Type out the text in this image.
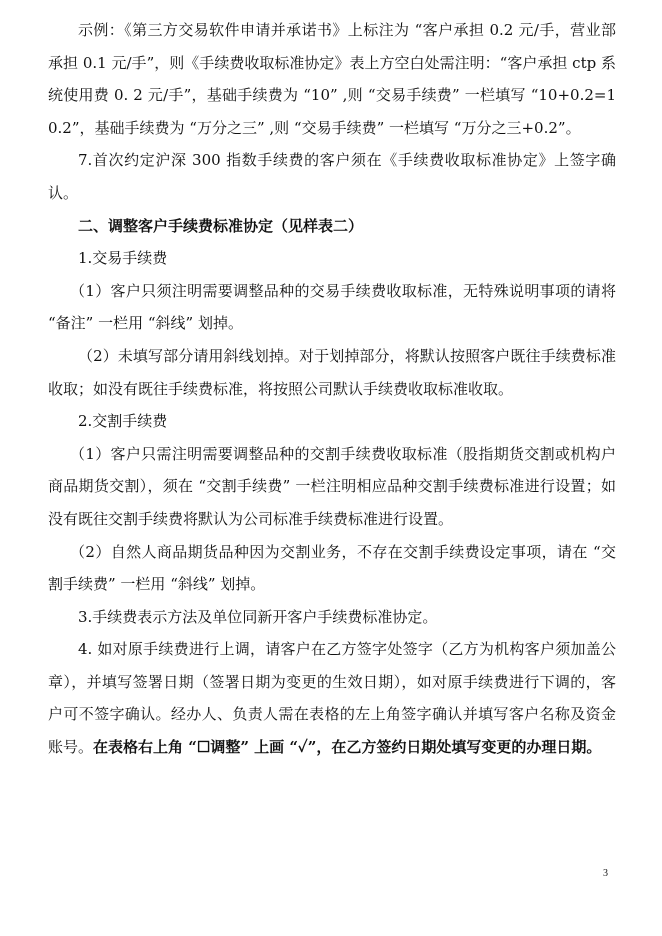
示例：《第三方交易软件申请并承诺书》上标注为 “客户承担 0.2 元/手，营业部承担 0.1 元/手”，则《手续费收取标准协定》表上方空白处需注明：“客户承担 ctp 系统使用费 0. 2 元/手”，基础手续费为 “10” ,则 “交易手续费” 一栏填写 “10+0.2=10.2”，基础手续费为 “万分之三” ,则 “交易手续费” 一栏填写 “万分之三+0.2”。

7.首次约定沪深 300 指数手续费的客户须在《手续费收取标准协定》上签字确认。

二、调整客户手续费标准协定（见样表二）

1.交易手续费

（1）客户只须注明需要调整品种的交易手续费收取标准，无特殊说明事项的请将 “备注” 一栏用 “斜线” 划掉。

（2）未填写部分请用斜线划掉。对于划掉部分，将默认按照客户既往手续费标准收取；如没有既往手续费标准，将按照公司默认手续费收取标准收取。

2.交割手续费

（1）客户只需注明需要调整品种的交割手续费收取标准（股指期货交割或机构户商品期货交割），须在 “交割手续费” 一栏注明相应品种交割手续费标准进行设置；如没有既往交割手续费将默认为公司标准手续费标准进行设置。

（2）自然人商品期货品种因为交割业务，不存在交割手续费设定事项，请在 “交割手续费” 一栏用 “斜线” 划掉。

3.手续费表示方法及单位同新开客户手续费标准协定。

4. 如对原手续费进行上调，请客户在乙方签字处签字（乙方为机构客户须加盖公章），并填写签署日期（签署日期为变更的生效日期），如对原手续费进行下调的，客户可不签字确认。经办人、负责人需在表格的左上角签字确认并填写客户名称及资金账号。在表格右上角 “☐调整” 上画 “✓”，在乙方签约日期处填写变更的办理日期。

3
